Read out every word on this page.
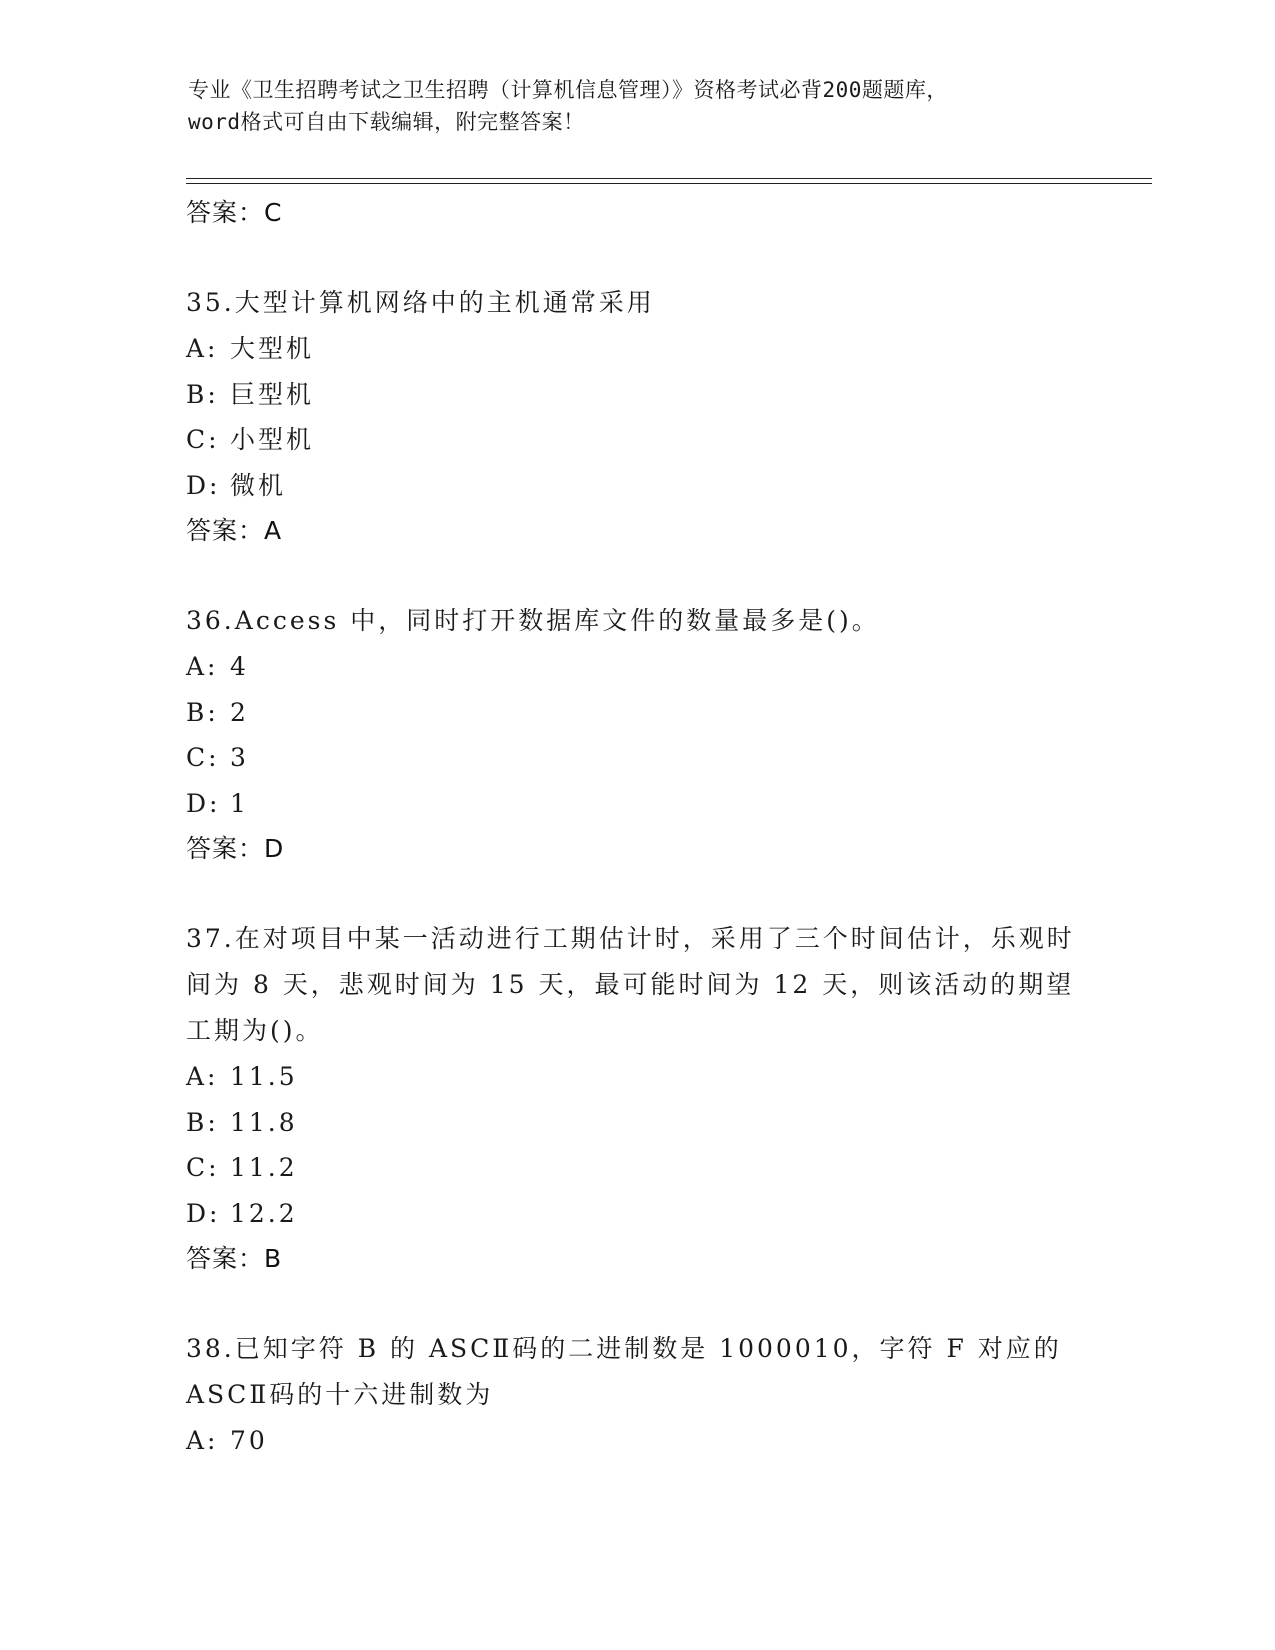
专业《卫生招聘考试之卫生招聘（计算机信息管理）》资格考试必背200题题库，
word格式可自由下载编辑，附完整答案！
答案：C
35.大型计算机网络中的主机通常采用
A: 大型机
B: 巨型机
C: 小型机
D: 微机
答案：A
36.Access 中，同时打开数据库文件的数量最多是()。
A: 4
B: 2
C: 3
D: 1
答案：D
37.在对项目中某一活动进行工期估计时，采用了三个时间估计，乐观时间为 8 天，悲观时间为 15 天，最可能时间为 12 天，则该活动的期望工期为()。
A: 11.5
B: 11.8
C: 11.2
D: 12.2
答案：B
38.已知字符 B 的 ASCⅡ码的二进制数是 1000010，字符 F 对应的 ASCⅡ码的十六进制数为
A: 70
